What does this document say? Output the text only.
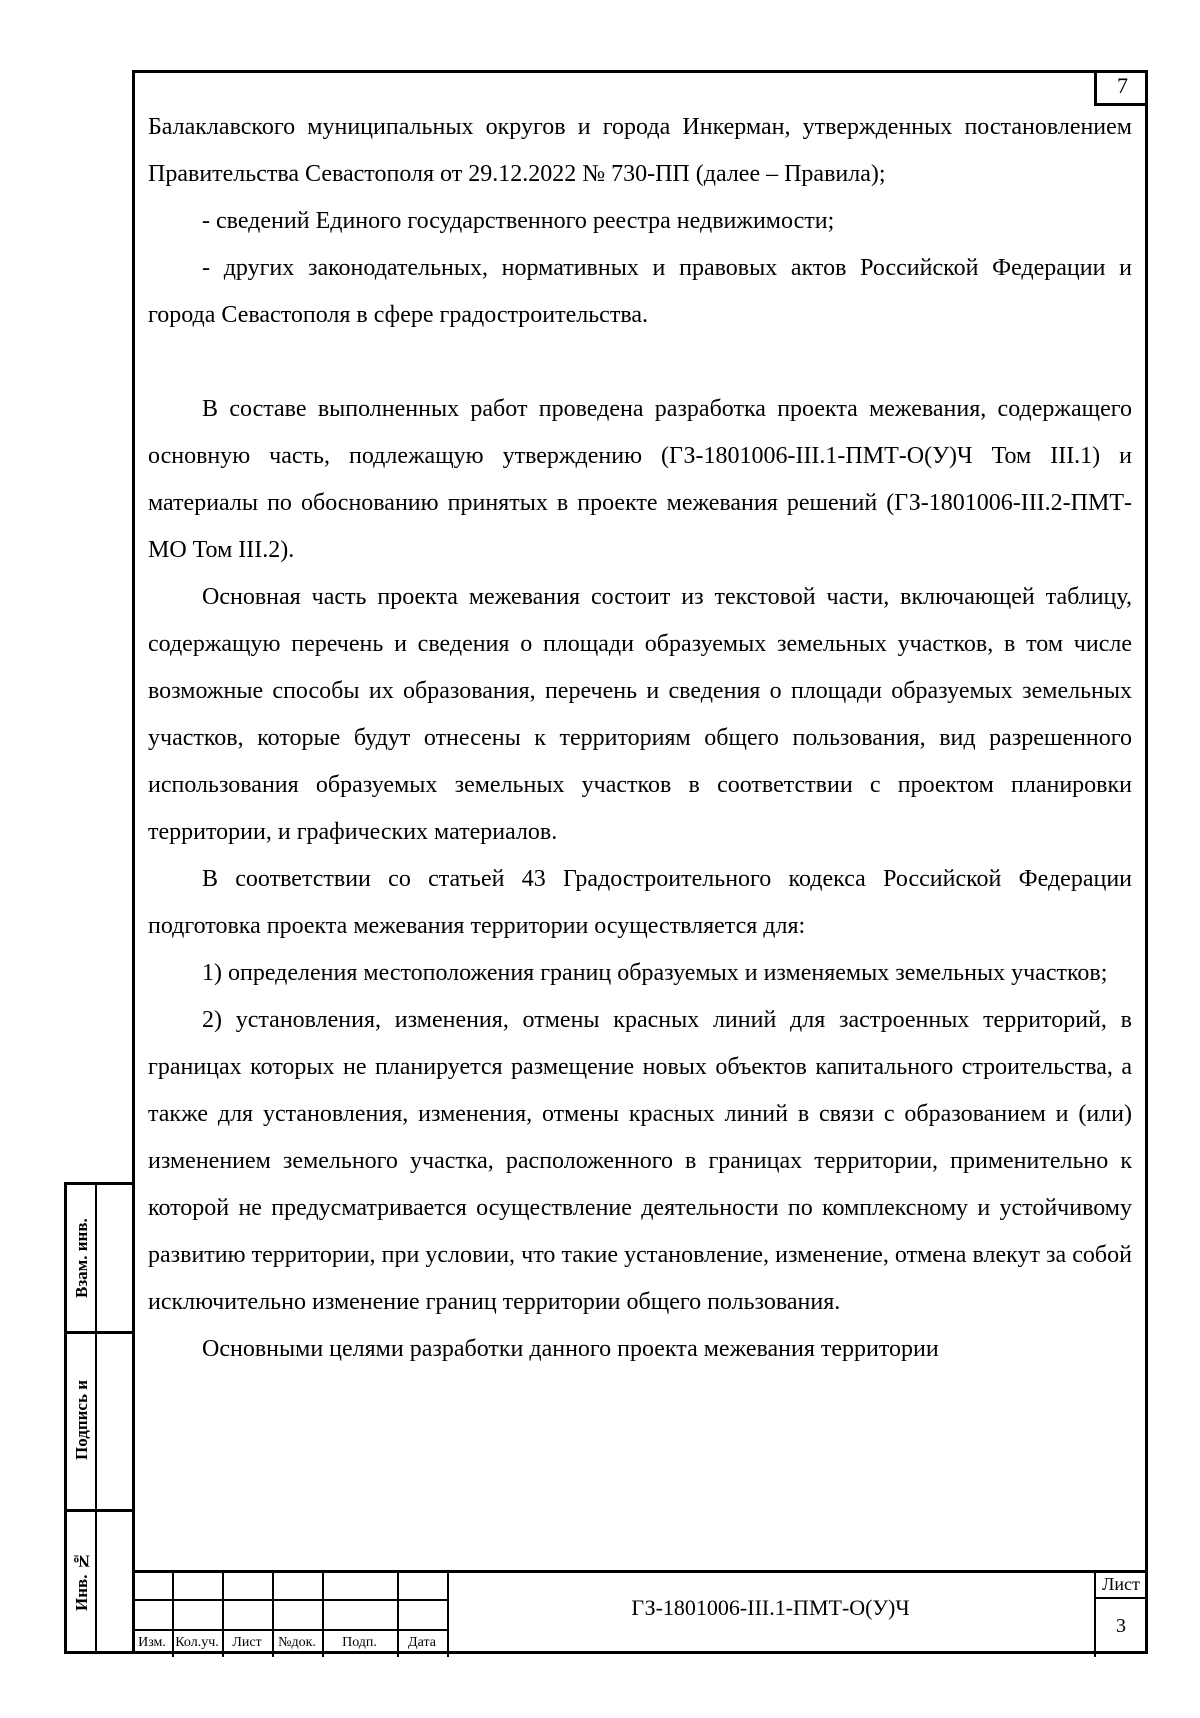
7

Балаклавского муниципальных округов и города Инкерман, утвержденных постановлением Правительства Севастополя от 29.12.2022 № 730-ПП (далее – Правила);

- сведений Единого государственного реестра недвижимости;

- других законодательных, нормативных и правовых актов Российской Федерации и города Севастополя в сфере градостроительства.

В составе выполненных работ проведена разработка проекта межевания, содержащего основную часть, подлежащую утверждению (ГЗ-1801006-III.1-ПМТ-О(У)Ч Том III.1) и материалы по обоснованию принятых в проекте межевания решений (ГЗ-1801006-III.2-ПМТ-МО Том III.2).

Основная часть проекта межевания состоит из текстовой части, включающей таблицу, содержащую перечень и сведения о площади образуемых земельных участков, в том числе возможные способы их образования, перечень и сведения о площади образуемых земельных участков, которые будут отнесены к территориям общего пользования, вид разрешенного использования образуемых земельных участков в соответствии с проектом планировки территории, и графических материалов.

В соответствии со статьей 43 Градостроительного кодекса Российской Федерации подготовка проекта межевания территории осуществляется для:

1) определения местоположения границ образуемых и изменяемых земельных участков;

2) установления, изменения, отмены красных линий для застроенных территорий, в границах которых не планируется размещение новых объектов капитального строительства, а также для установления, изменения, отмены красных линий в связи с образованием и (или) изменением земельного участка, расположенного в границах территории, применительно к которой не предусматривается осуществление деятельности по комплексному и устойчивому развитию территории, при условии, что такие установление, изменение, отмена влекут за собой исключительно изменение границ территории общего пользования.

Основными целями разработки данного проекта межевания территории

Взам. инв.
Подпись и
Инв. №
Изм. Кол.уч. Лист	№док.	Подп.	Дата
ГЗ-1801006-III.1-ПМТ-О(У)Ч
Лист
3
